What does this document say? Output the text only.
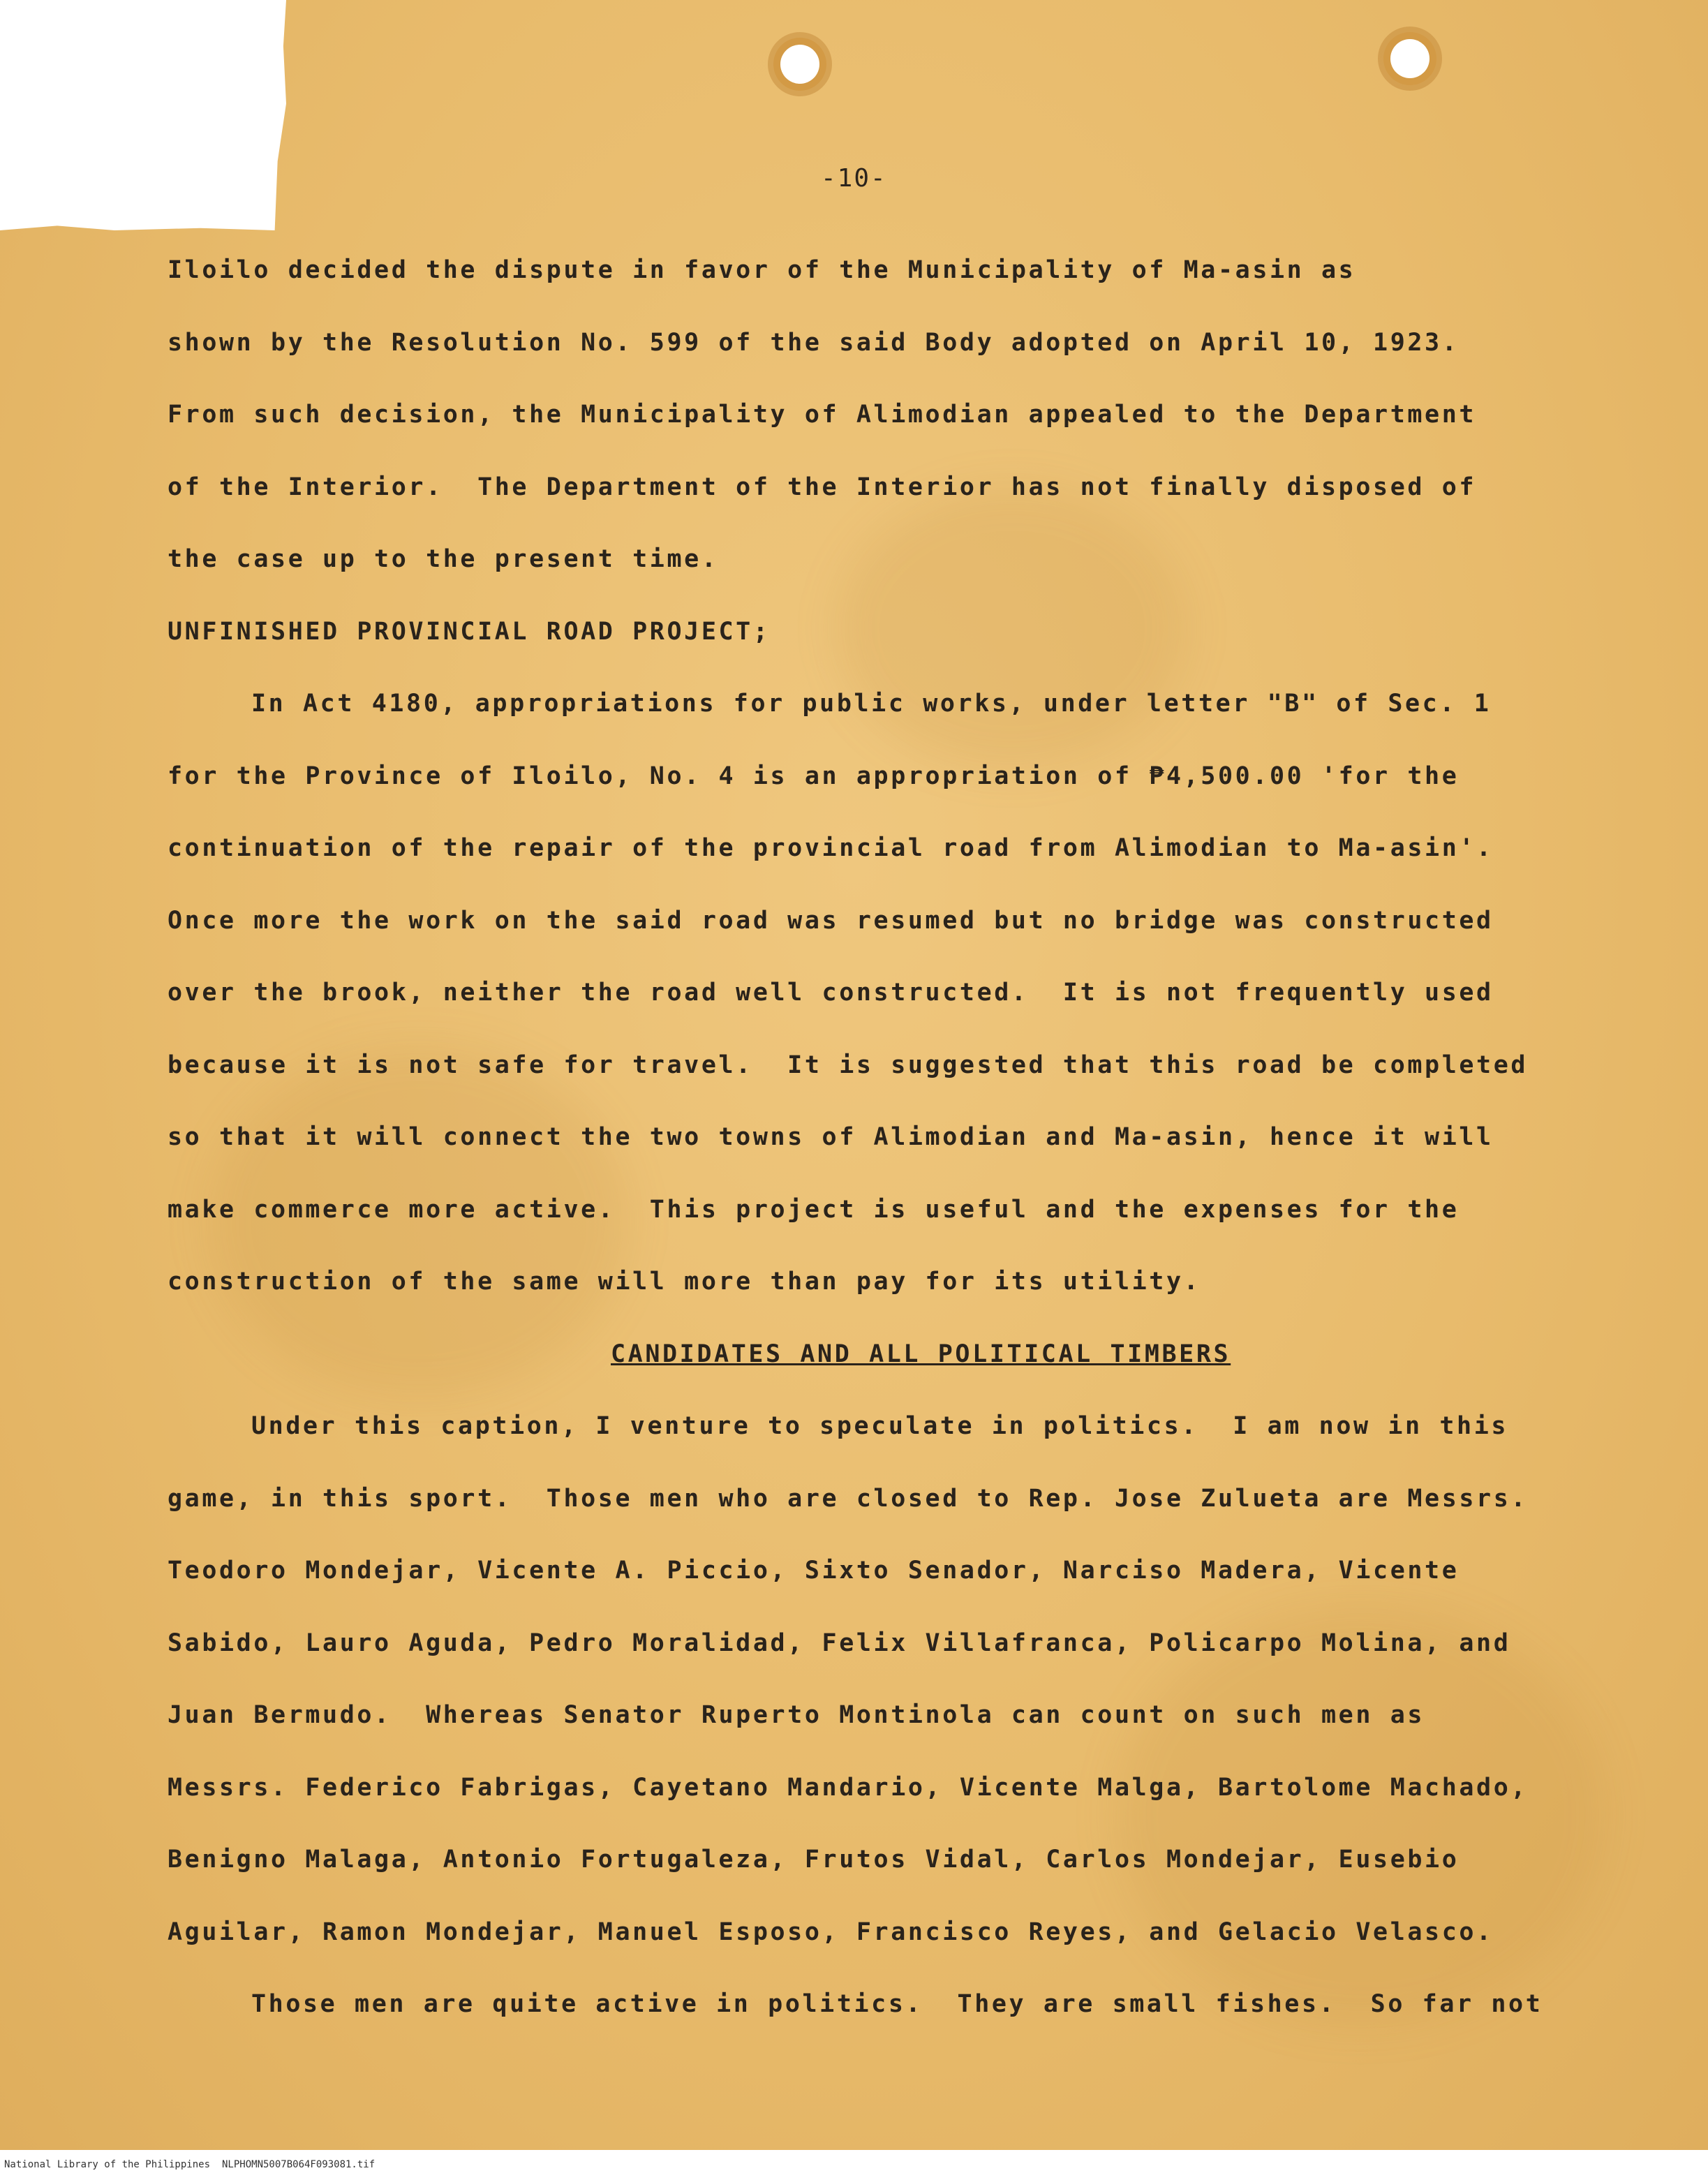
-10-
Iloilo decided the dispute in favor of the Municipality of Ma-asin as
shown by the Resolution No. 599 of the said Body adopted on April 10, 1923.
From such decision, the Municipality of Alimodian appealed to the Department
of the Interior.  The Department of the Interior has not finally disposed of
the case up to the present time.
UNFINISHED PROVINCIAL ROAD PROJECT;
In Act 4180, appropriations for public works, under letter "B" of Sec. 1
for the Province of Iloilo, No. 4 is an appropriation of ₱4,500.00 'for the
continuation of the repair of the provincial road from Alimodian to Ma-asin'.
Once more the work on the said road was resumed but no bridge was constructed
over the brook, neither the road well constructed.  It is not frequently used
because it is not safe for travel.  It is suggested that this road be completed
so that it will connect the two towns of Alimodian and Ma-asin, hence it will
make commerce more active.  This project is useful and the expenses for the
construction of the same will more than pay for its utility.
CANDIDATES AND ALL POLITICAL TIMBERS
Under this caption, I venture to speculate in politics.  I am now in this
game, in this sport.  Those men who are closed to Rep. Jose Zulueta are Messrs.
Teodoro Mondejar, Vicente A. Piccio, Sixto Senador, Narciso Madera, Vicente
Sabido, Lauro Aguda, Pedro Moralidad, Felix Villafranca, Policarpo Molina, and
Juan Bermudo.  Whereas Senator Ruperto Montinola can count on such men as
Messrs. Federico Fabrigas, Cayetano Mandario, Vicente Malga, Bartolome Machado,
Benigno Malaga, Antonio Fortugaleza, Frutos Vidal, Carlos Mondejar, Eusebio
Aguilar, Ramon Mondejar, Manuel Esposo, Francisco Reyes, and Gelacio Velasco.
Those men are quite active in politics.  They are small fishes.  So far not
National Library of the Philippines NLPHOMN5007B064F093081.tif
